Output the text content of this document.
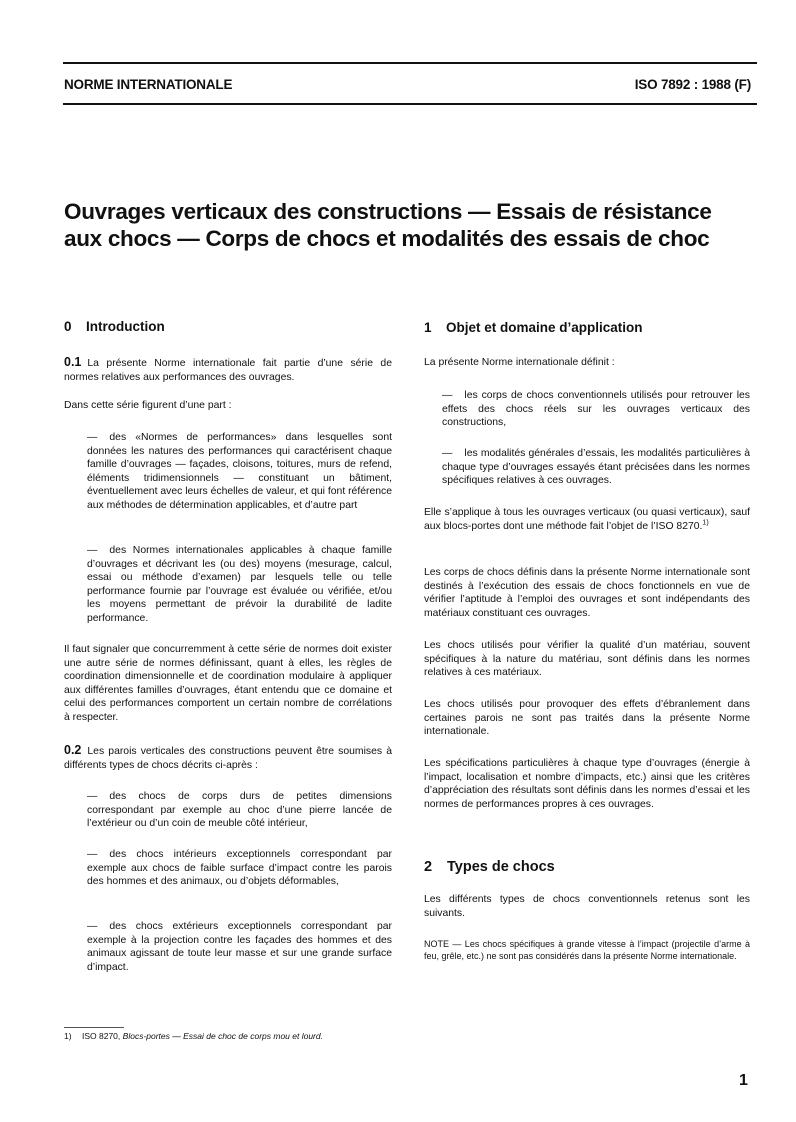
NORME INTERNATIONALE	ISO 7892 : 1988 (F)
Ouvrages verticaux des constructions — Essais de résistance aux chocs — Corps de chocs et modalités des essais de choc
0 Introduction
0.1 La présente Norme internationale fait partie d’une série de normes relatives aux performances des ouvrages.
Dans cette série figurent d’une part :
— des «Normes de performances» dans lesquelles sont données les natures des performances qui caractérisent chaque famille d’ouvrages — façades, cloisons, toitures, murs de refend, éléments tridimensionnels — constituant un bâtiment, éventuellement avec leurs échelles de valeur, et qui font référence aux méthodes de détermination applicables, et d’autre part
— des Normes internationales applicables à chaque famille d’ouvrages et décrivant les (ou des) moyens (mesurage, calcul, essai ou méthode d’examen) par lesquels telle ou telle performance fournie par l’ouvrage est évaluée ou vérifiée, et/ou les moyens permettant de prévoir la durabilité de ladite performance.
Il faut signaler que concurremment à cette série de normes doit exister une autre série de normes définissant, quant à elles, les règles de coordination dimensionnelle et de coordination modulaire à appliquer aux différentes familles d’ouvrages, étant entendu que ce domaine et celui des performances comportent un certain nombre de corrélations à respecter.
0.2 Les parois verticales des constructions peuvent être soumises à différents types de chocs décrits ci-après :
— des chocs de corps durs de petites dimensions correspondant par exemple au choc d’une pierre lancée de l’extérieur ou d’un coin de meuble côté intérieur,
— des chocs intérieurs exceptionnels correspondant par exemple aux chocs de faible surface d’impact contre les parois des hommes et des animaux, ou d’objets déformables,
— des chocs extérieurs exceptionnels correspondant par exemple à la projection contre les façades des hommes et des animaux agissant de toute leur masse et sur une grande surface d’impact.
1 Objet et domaine d’application
La présente Norme internationale définit :
— les corps de chocs conventionnels utilisés pour retrouver les effets des chocs réels sur les ouvrages verticaux des constructions,
— les modalités générales d’essais, les modalités particulières à chaque type d’ouvrages essayés étant précisées dans les normes spécifiques relatives à ces ouvrages.
Elle s’applique à tous les ouvrages verticaux (ou quasi verticaux), sauf aux blocs-portes dont une méthode fait l’objet de l’ISO 8270.$^{1)}$
Les corps de chocs définis dans la présente Norme internationale sont destinés à l’exécution des essais de chocs fonctionnels en vue de vérifier l’aptitude à l’emploi des ouvrages et sont indépendants des matériaux constituant ces ouvrages.
Les chocs utilisés pour vérifier la qualité d’un matériau, souvent spécifiques à la nature du matériau, sont définis dans les normes relatives à ces matériaux.
Les chocs utilisés pour provoquer des effets d’ébranlement dans certaines parois ne sont pas traités dans la présente Norme internationale.
Les spécifications particulières à chaque type d’ouvrages (énergie à l’impact, localisation et nombre d’impacts, etc.) ainsi que les critères d’appréciation des résultats sont définis dans les normes d’essai et les normes de performances propres à ces ouvrages.
2 Types de chocs
Les différents types de chocs conventionnels retenus sont les suivants.
NOTE — Les chocs spécifiques à grande vitesse à l’impact (projectile d’arme à feu, grêle, etc.) ne sont pas considérés dans la présente Norme internationale.
1) ISO 8270, Blocs-portes — Essai de choc de corps mou et lourd.
1
